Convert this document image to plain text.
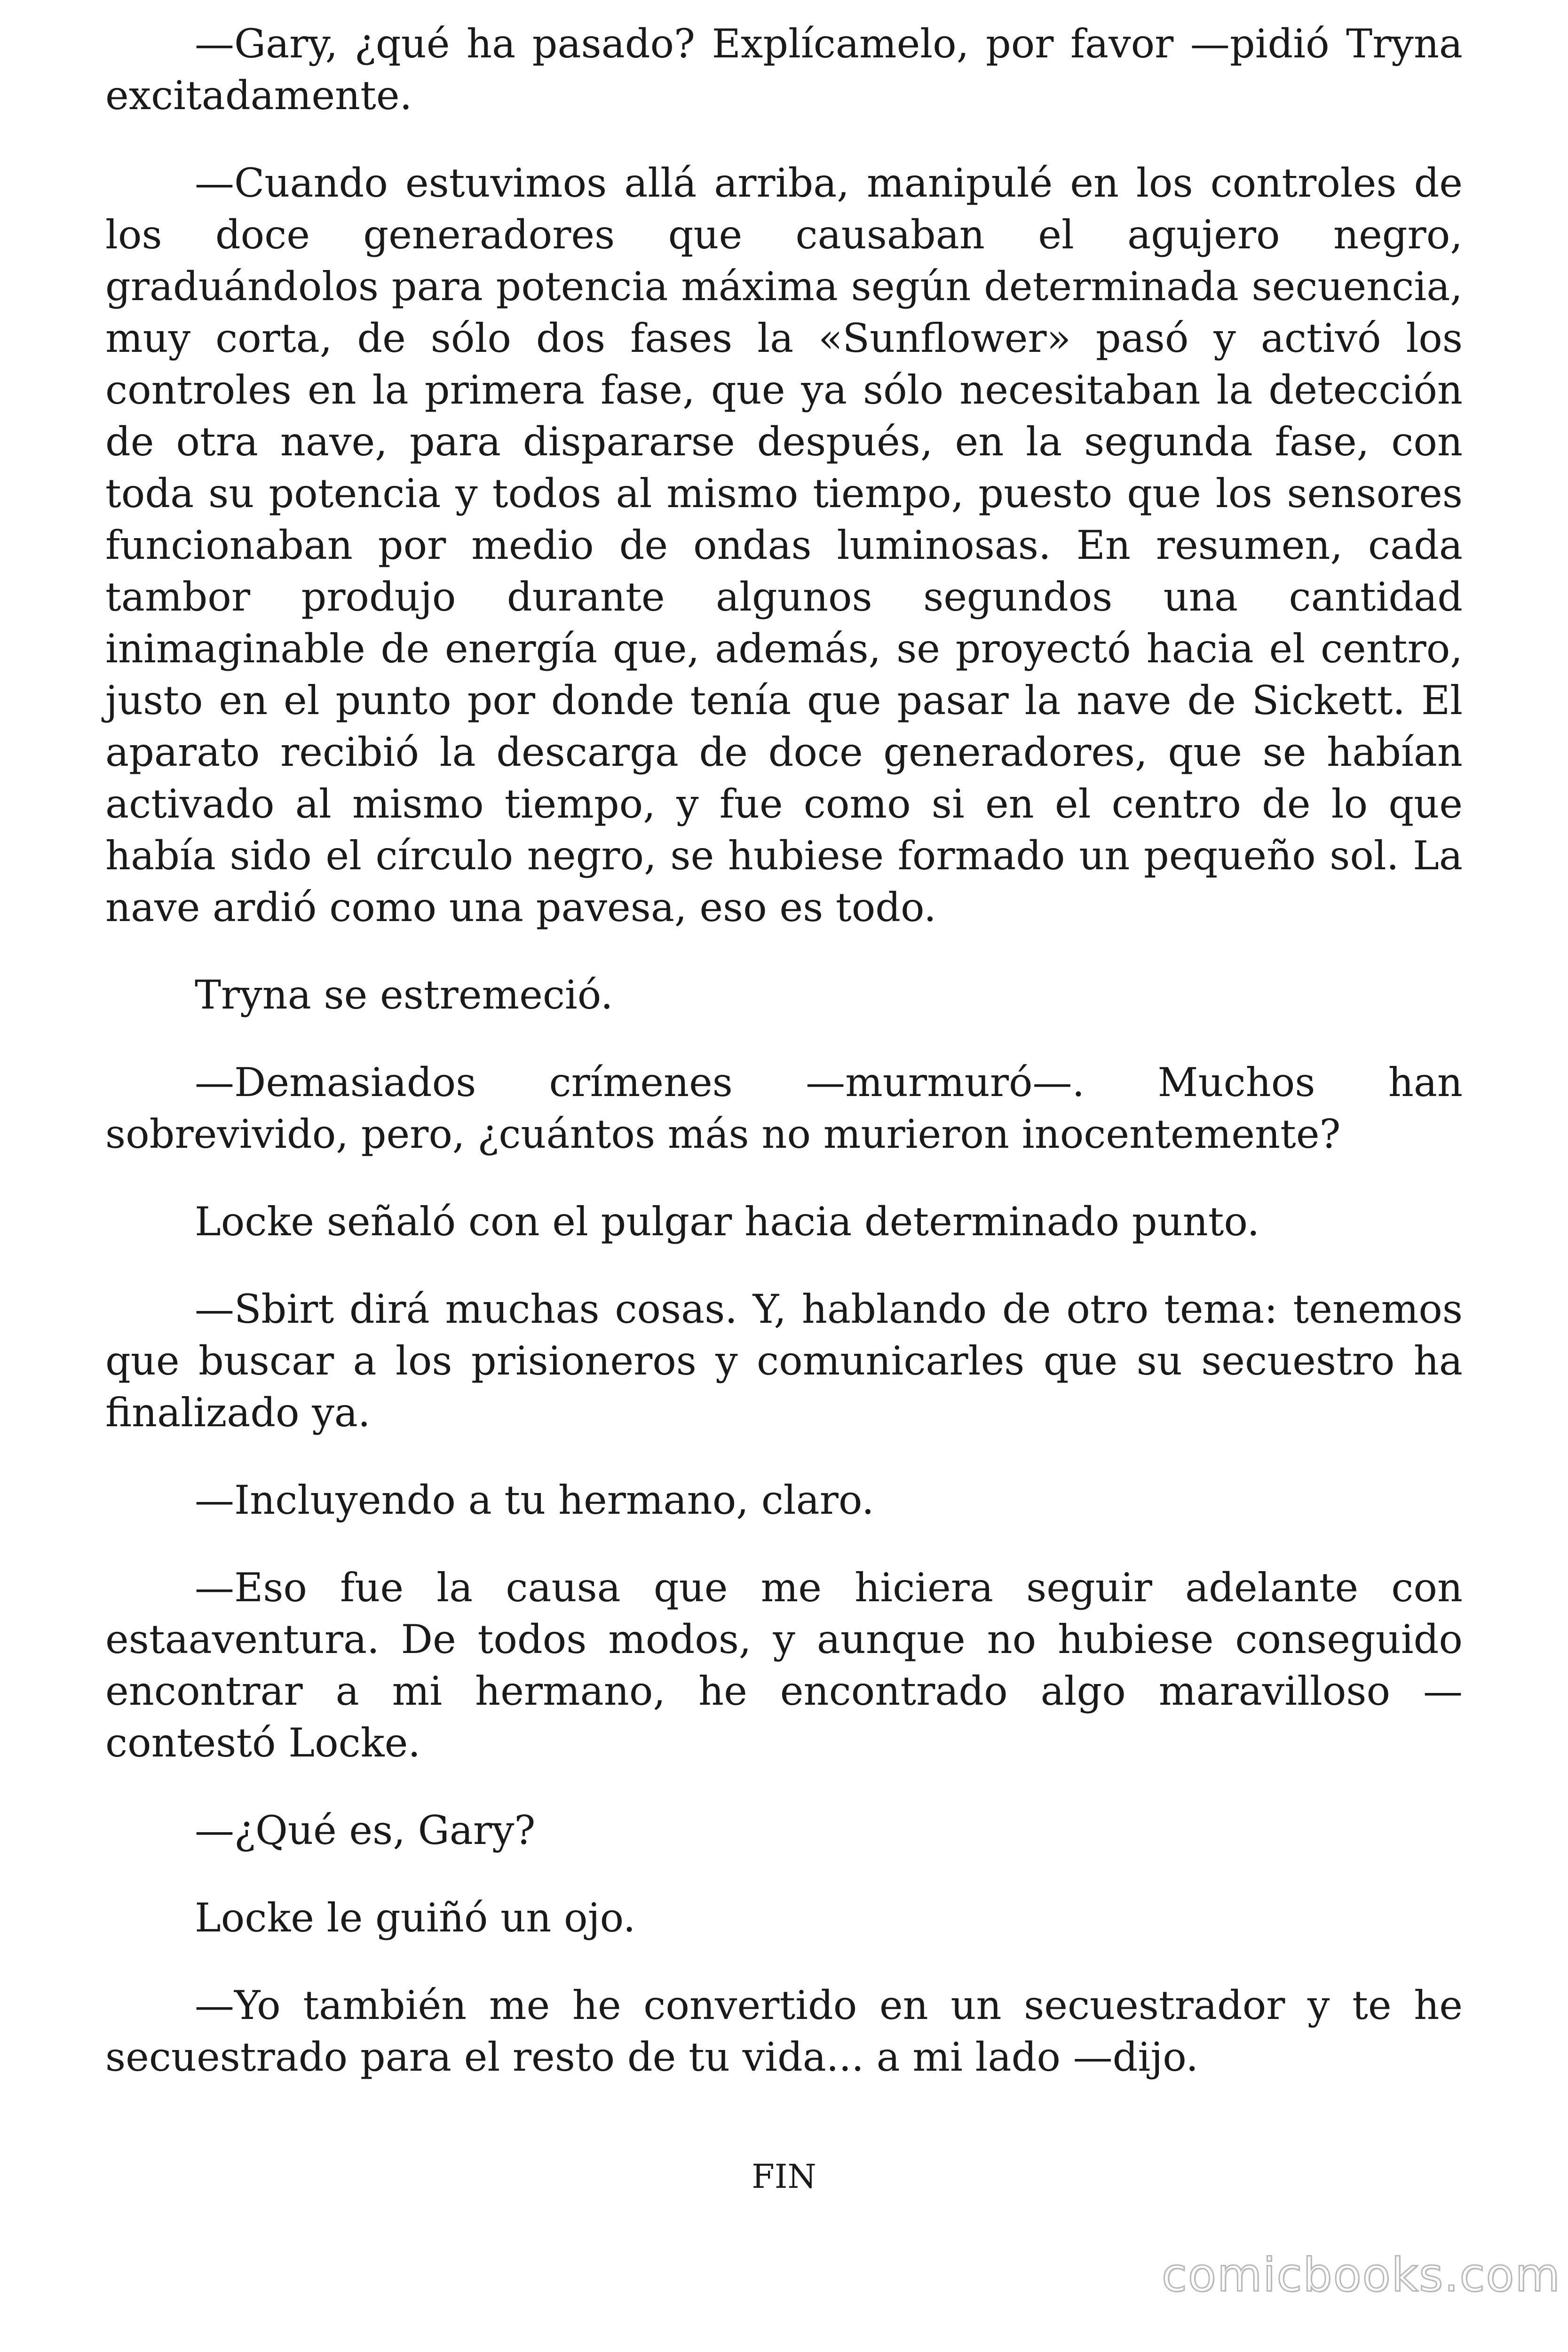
—Gary, ¿qué ha pasado? Explícamelo, por favor —pidió Tryna excitadamente.

—Cuando estuvimos allá arriba, manipulé en los controles de los doce generadores que causaban el agujero negro, graduándolos para potencia máxima según determinada secuencia, muy corta, de sólo dos fases la «Sunflower» pasó y activó los controles en la primera fase, que ya sólo necesitaban la detección de otra nave, para dispararse después, en la segunda fase, con toda su potencia y todos al mismo tiempo, puesto que los sensores funcionaban por medio de ondas luminosas. En resumen, cada tambor produjo durante algunos segundos una cantidad inimaginable de energía que, además, se proyectó hacia el centro, justo en el punto por donde tenía que pasar la nave de Sickett. El aparato recibió la descarga de doce generadores, que se habían activado al mismo tiempo, y fue como si en el centro de lo que había sido el círculo negro, se hubiese formado un pequeño sol. La nave ardió como una pavesa, eso es todo.

Tryna se estremeció.

—Demasiados crímenes —murmuró—. Muchos han sobrevivido, pero, ¿cuántos más no murieron inocentemente?

Locke señaló con el pulgar hacia determinado punto.

—Sbirt dirá muchas cosas. Y, hablando de otro tema: tenemos que buscar a los prisioneros y comunicarles que su secuestro ha finalizado ya.

—Incluyendo a tu hermano, claro.

—Eso fue la causa que me hiciera seguir adelante con estaaventura. De todos modos, y aunque no hubiese conseguido encontrar a mi hermano, he encontrado algo maravilloso —contestó Locke.

—¿Qué es, Gary?

Locke le guiñó un ojo.

—Yo también me he convertido en un secuestrador y te he secuestrado para el resto de tu vida... a mi lado —dijo.

FIN

comicbooks.com
